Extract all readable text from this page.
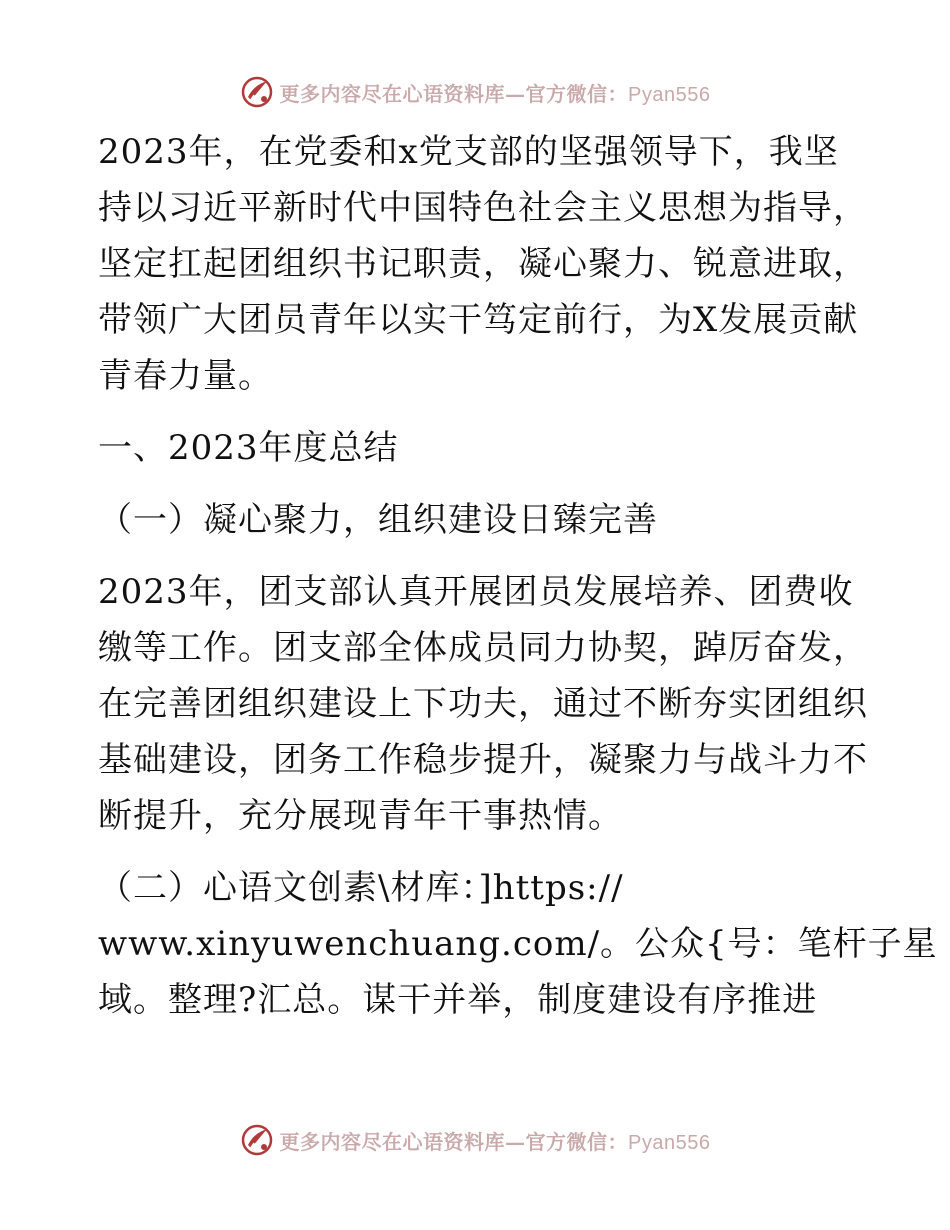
更多内容尽在心语资料库—官方微信：Pyan556
2023年，在党委和x党支部的坚强领导下，我坚
持以习近平新时代中国特色社会主义思想为指导，
坚定扛起团组织书记职责，凝心聚力、锐意进取，
带领广大团员青年以实干笃定前行，为X发展贡献
青春力量。
一、2023年度总结
（一）凝心聚力，组织建设日臻完善
2023年，团支部认真开展团员发展培养、团费收
缴等工作。团支部全体成员同力协契，踔厉奋发，
在完善团组织建设上下功夫，通过不断夯实团组织
基础建设，团务工作稳步提升，凝聚力与战斗力不
断提升，充分展现青年干事热情。
（二）心语文创素\材库：]https://
www.xinyuwenchuang.com/。公众{号：笔杆子星
域。整理?汇总。谋干并举，制度建设有序推进
更多内容尽在心语资料库—官方微信：Pyan556
